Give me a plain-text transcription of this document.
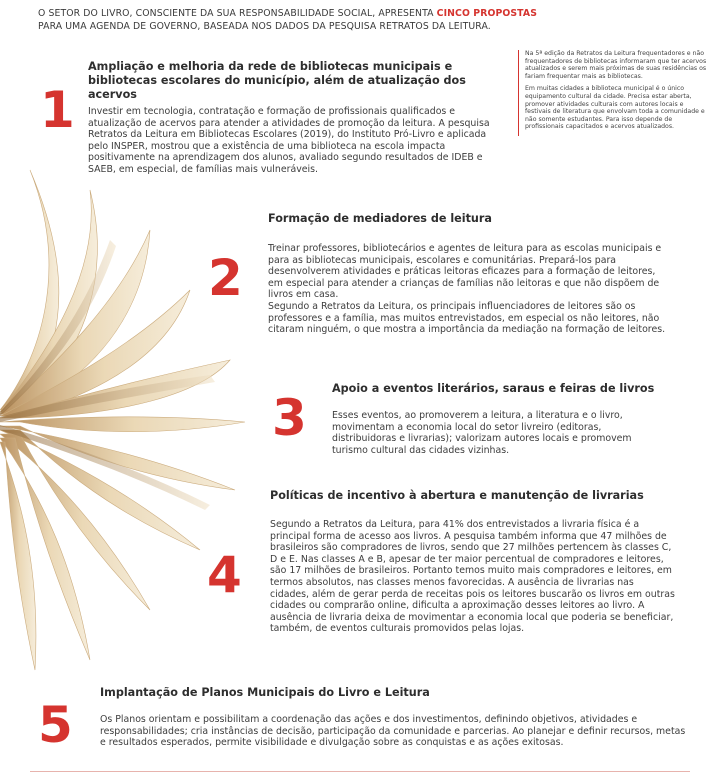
O SETOR DO LIVRO, CONSCIENTE DA SUA RESPONSABILIDADE SOCIAL, APRESENTA CINCO PROPOSTAS
PARA UMA AGENDA DE GOVERNO, BASEADA NOS DADOS DA PESQUISA RETRATOS DA LEITURA.

Na 5ª edição da Retratos da Leitura frequentadores e não frequentadores de bibliotecas informaram que ter acervos atualizados e serem mais próximas de suas residências os fariam frequentar mais as bibliotecas.

Em muitas cidades a biblioteca municipal é o único equipamento cultural da cidade. Precisa estar aberta, promover atividades culturais com autores locais e festivais de literatura que envolvam toda a comunidade e não somente estudantes. Para isso depende de profissionais capacitados e acervos atualizados.

1
Ampliação e melhoria da rede de bibliotecas municipais e bibliotecas escolares do município, além de atualização dos acervos
Investir em tecnologia, contratação e formação de profissionais qualificados e atualização de acervos para atender a atividades de promoção da leitura. A pesquisa Retratos da Leitura em Bibliotecas Escolares (2019), do Instituto Pró-Livro e aplicada pelo INSPER, mostrou que a existência de uma biblioteca na escola impacta positivamente na aprendizagem dos alunos, avaliado segundo resultados de IDEB e SAEB, em especial, de famílias mais vulneráveis.
2
Formação de mediadores de leitura
Treinar professores, bibliotecários e agentes de leitura para as escolas municipais e para as bibliotecas municipais, escolares e comunitárias. Prepará-los para desenvolverem atividades e práticas leitoras eficazes para a formação de leitores, em especial para atender a crianças de famílias não leitoras e que não dispõem de livros em casa.
Segundo a Retratos da Leitura, os principais influenciadores de leitores são os professores e a família, mas muitos entrevistados, em especial os não leitores, não citaram ninguém, o que mostra a importância da mediação na formação de leitores.
3
Apoio a eventos literários, saraus e feiras de livros
Esses eventos, ao promoverem a leitura, a literatura e o livro, movimentam a economia local do setor livreiro (editoras, distribuidoras e livrarias); valorizam autores locais e promovem turismo cultural das cidades vizinhas.
4
Políticas de incentivo à abertura e manutenção de livrarias
Segundo a Retratos da Leitura, para 41% dos entrevistados a livraria física é a principal forma de acesso aos livros. A pesquisa também informa que 47 milhões de brasileiros são compradores de livros, sendo que 27 milhões pertencem às classes C, D e E. Nas classes A e B, apesar de ter maior percentual de compradores e leitores, são 17 milhões de brasileiros. Portanto temos muito mais compradores e leitores, em termos absolutos, nas classes menos favorecidas. A ausência de livrarias nas cidades, além de gerar perda de receitas pois os leitores buscarão os livros em outras cidades ou comprarão online, dificulta a aproximação desses leitores ao livro. A ausência de livraria deixa de movimentar a economia local que poderia se beneficiar, também, de eventos culturais promovidos pelas lojas.
5
Implantação de Planos Municipais do Livro e Leitura
Os Planos orientam e possibilitam a coordenação das ações e dos investimentos, definindo objetivos, atividades e responsabilidades; cria instâncias de decisão, participação da comunidade e parcerias. Ao planejar e definir recursos, metas e resultados esperados, permite visibilidade e divulgação sobre as conquistas e as ações exitosas.
